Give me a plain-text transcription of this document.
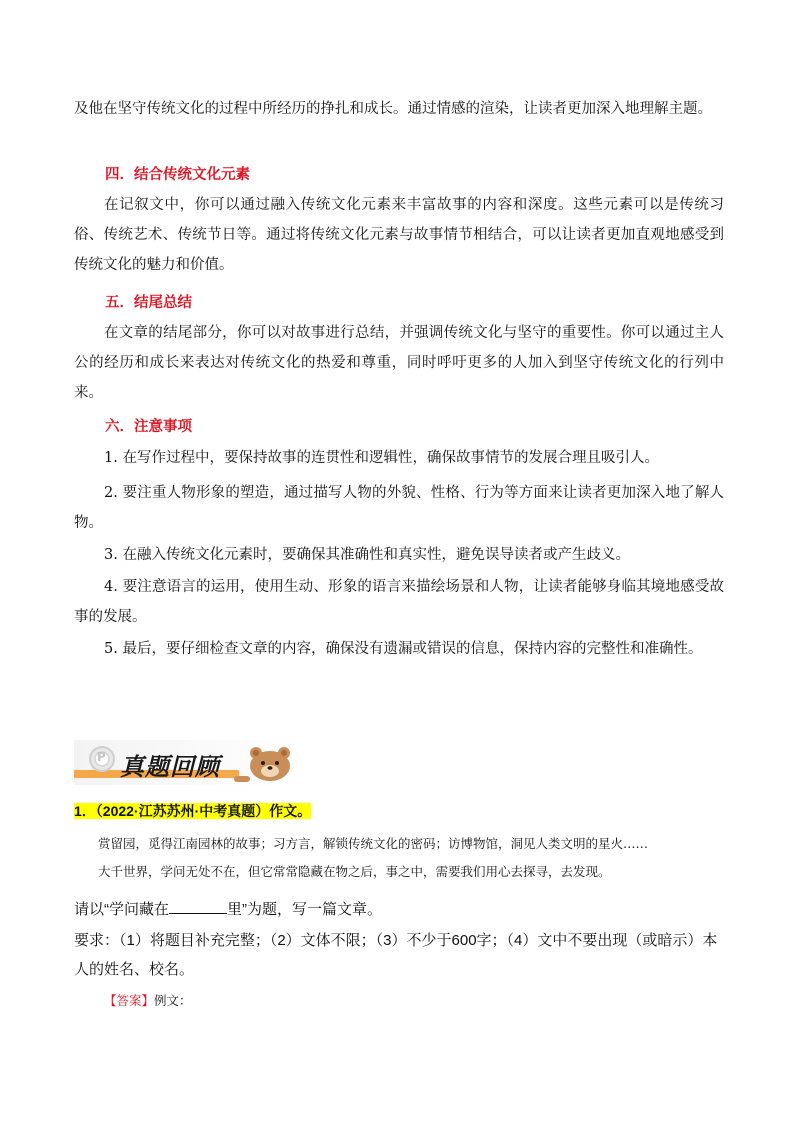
及他在坚守传统文化的过程中所经历的挣扎和成长。通过情感的渲染，让读者更加深入地理解主题。

四．结合传统文化元素

在记叙文中，你可以通过融入传统文化元素来丰富故事的内容和深度。这些元素可以是传统习俗、传统艺术、传统节日等。通过将传统文化元素与故事情节相结合，可以让读者更加直观地感受到传统文化的魅力和价值。

五．结尾总结

在文章的结尾部分，你可以对故事进行总结，并强调传统文化与坚守的重要性。你可以通过主人公的经历和成长来表达对传统文化的热爱和尊重，同时呼吁更多的人加入到坚守传统文化的行列中来。

六．注意事项

1. 在写作过程中，要保持故事的连贯性和逻辑性，确保故事情节的发展合理且吸引人。

2. 要注重人物形象的塑造，通过描写人物的外貌、性格、行为等方面来让读者更加深入地了解人物。

3. 在融入传统文化元素时，要确保其准确性和真实性，避免误导读者或产生歧义。

4. 要注意语言的运用，使用生动、形象的语言来描绘场景和人物，让读者能够身临其境地感受故事的发展。

5. 最后，要仔细检查文章的内容，确保没有遗漏或错误的信息，保持内容的完整性和准确性。

P 真题回顾

1．（2022·江苏苏州·中考真题）作文。

赏留园，觅得江南园林的故事；习方言，解锁传统文化的密码；访博物馆，洞见人类文明的星火……

大千世界，学问无处不在，但它常常隐藏在物之后，事之中，需要我们用心去探寻，去发现。

请以“学问藏在	里”为题，写一篇文章。

要求：（1）将题目补充完整；（2）文体不限；（3）不少于600字；（4）文中不要出现（或暗示）本人的姓名、校名。

【答案】例文：
